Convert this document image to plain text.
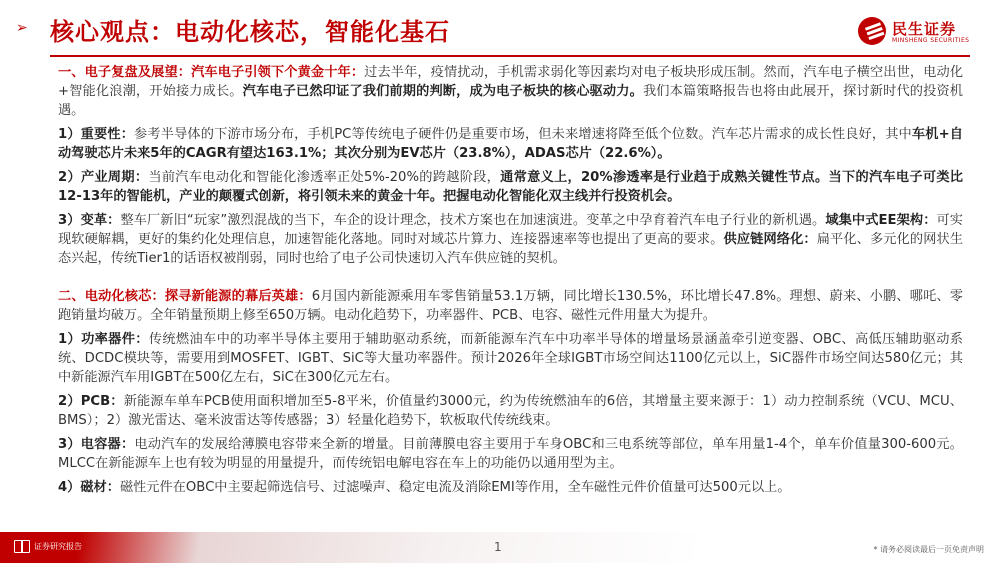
➢ 核心观点：电动化核芯，智能化基石	民生证券
MINSHENG SECURITIES

一、电子复盘及展望：汽车电子引领下个黄金十年：过去半年，疫情扰动，手机需求弱化等因素均对电子板块形成压制。然而，汽车电子横空出世，电动化+智能化浪潮，开始接力成长。汽车电子已然印证了我们前期的判断，成为电子板块的核心驱动力。我们本篇策略报告也将由此展开，探讨新时代的投资机遇。

1）重要性：参考半导体的下游市场分布，手机PC等传统电子硬件仍是重要市场，但未来增速将降至低个位数。汽车芯片需求的成长性良好，其中车机+自动驾驶芯片未来5年的CAGR有望达163.1%；其次分别为EV芯片（23.8%），ADAS芯片（22.6%）。

2）产业周期：当前汽车电动化和智能化渗透率正处5%-20%的跨越阶段，通常意义上，20%渗透率是行业趋于成熟关键性节点。当下的汽车电子可类比12-13年的智能机，产业的颠覆式创新，将引领未来的黄金十年。把握电动化智能化双主线并行投资机会。

3）变革：整车厂新旧“玩家”激烈混战的当下，车企的设计理念，技术方案也在加速演进。变革之中孕育着汽车电子行业的新机遇。域集中式EE架构：可实现软硬解耦，更好的集约化处理信息，加速智能化落地。同时对域芯片算力、连接器速率等也提出了更高的要求。供应链网络化：扁平化、多元化的网状生态兴起，传统Tier1的话语权被削弱，同时也给了电子公司快速切入汽车供应链的契机。

二、电动化核芯：探寻新能源的幕后英雄：6月国内新能源乘用车零售销量53.1万辆，同比增长130.5%，环比增长47.8%。理想、蔚来、小鹏、哪吒、零跑销量均破万。全年销量预期上修至650万辆。电动化趋势下，功率器件、PCB、电容、磁性元件用量大为提升。

1）功率器件：传统燃油车中的功率半导体主要用于辅助驱动系统，而新能源车汽车中功率半导体的增量场景涵盖牵引逆变器、OBC、高低压辅助驱动系统、DCDC模块等，需要用到MOSFET、IGBT、SiC等大量功率器件。预计2026年全球IGBT市场空间达1100亿元以上，SiC器件市场空间达580亿元；其中新能源汽车用IGBT在500亿左右，SiC在300亿元左右。

2）PCB：新能源车单车PCB使用面积增加至5-8平米，价值量约3000元，约为传统燃油车的6倍，其增量主要来源于：1）动力控制系统（VCU、MCU、BMS）；2）激光雷达、毫米波雷达等传感器；3）轻量化趋势下，软板取代传统线束。

3）电容器：电动汽车的发展给薄膜电容带来全新的增量。目前薄膜电容主要用于车身OBC和三电系统等部位，单车用量1-4个，单车价值量300-600元。MLCC在新能源车上也有较为明显的用量提升，而传统铝电解电容在车上的功能仍以通用型为主。

4）磁材：磁性元件在OBC中主要起筛选信号、过滤噪声、稳定电流及消除EMI等作用，全车磁性元件价值量可达500元以上。

证券研究报告	1	* 请务必阅读最后一页免责声明
